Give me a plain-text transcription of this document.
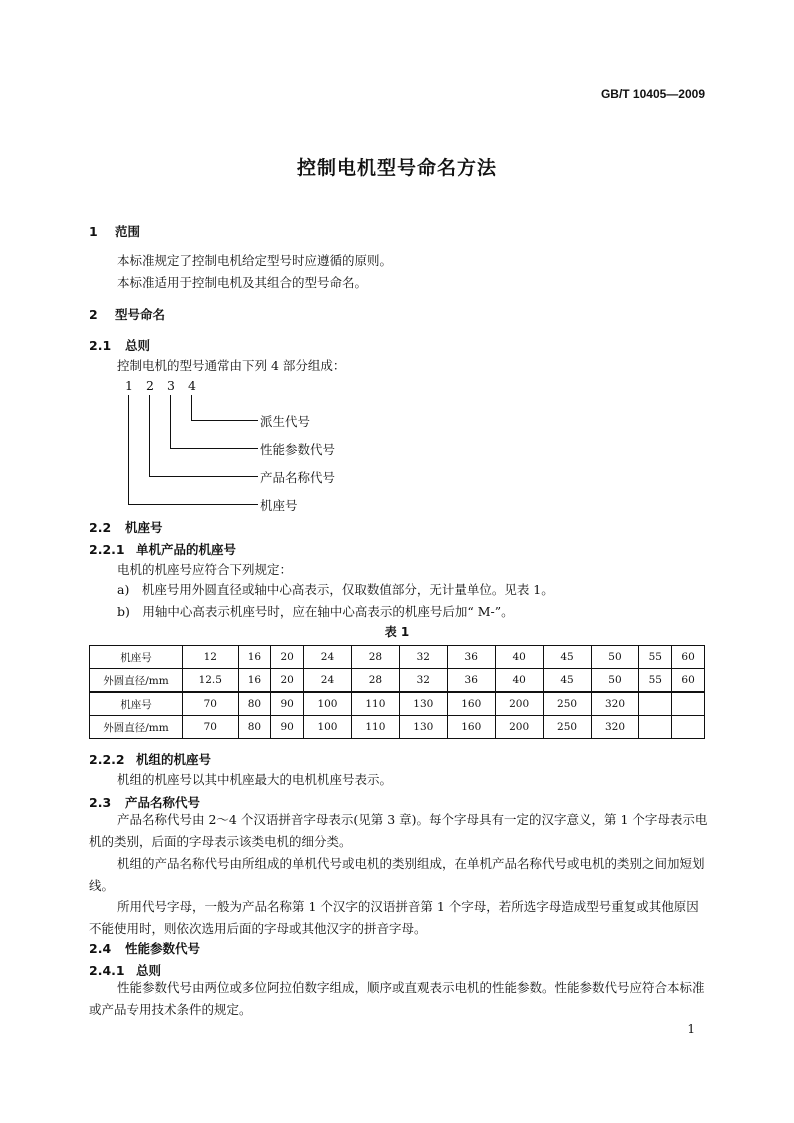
GB/T 10405—2009
控制电机型号命名方法
1 范围
本标准规定了控制电机给定型号时应遵循的原则。
本标准适用于控制电机及其组合的型号命名。
2 型号命名
2.1 总则
控制电机的型号通常由下列 4 部分组成：
1 2 3 4
派生代号
性能参数代号
产品名称代号
机座号
2.2 机座号
2.2.1 单机产品的机座号
电机的机座号应符合下列规定：
a)　机座号用外圆直径或轴中心高表示，仅取数值部分，无计量单位。见表 1。
b)　用轴中心高表示机座号时，应在轴中心高表示的机座号后加“ M-”。
表 1
机座号	12	16	20	24	28	32	36	40	45	50	55	60
外圆直径/mm	12.5	16	20	24	28	32	36	40	45	50	55	60
机座号	70	80	90	100	110	130	160	200	250	320		
外圆直径/mm	70	80	90	100	110	130	160	200	250	320		
2.2.2 机组的机座号
机组的机座号以其中机座最大的电机机座号表示。
2.3 产品名称代号
产品名称代号由 2～4 个汉语拼音字母表示(见第 3 章)。每个字母具有一定的汉字意义，第 1 个字母表示电机的类别，后面的字母表示该类电机的细分类。
机组的产品名称代号由所组成的单机代号或电机的类别组成，在单机产品名称代号或电机的类别之间加短划线。
所用代号字母，一般为产品名称第 1 个汉字的汉语拼音第 1 个字母，若所选字母造成型号重复或其他原因不能使用时，则依次选用后面的字母或其他汉字的拼音字母。
2.4 性能参数代号
2.4.1 总则
性能参数代号由两位或多位阿拉伯数字组成，顺序或直观表示电机的性能参数。性能参数代号应符合本标准或产品专用技术条件的规定。
1
